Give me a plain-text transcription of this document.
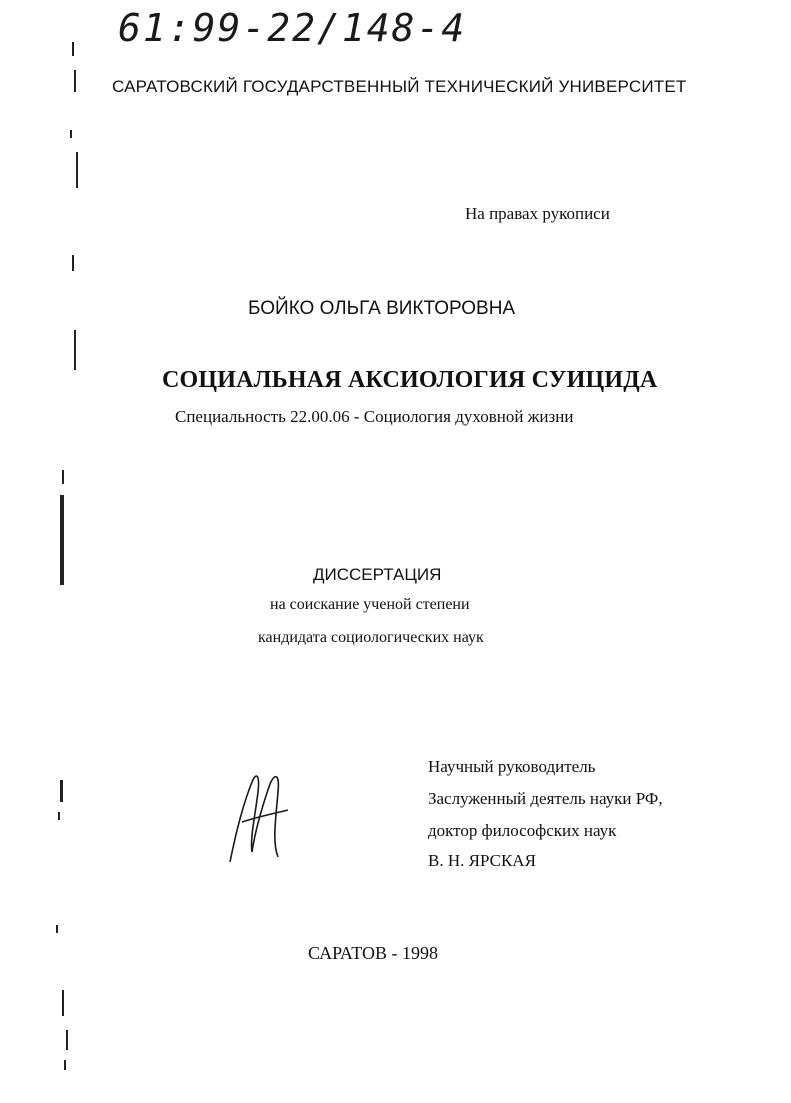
61:99-22/148-4
САРАТОВСКИЙ ГОСУДАРСТВЕННЫЙ ТЕХНИЧЕСКИЙ УНИВЕРСИТЕТ
На правах рукописи
БОЙКО ОЛЬГА ВИКТОРОВНА
СОЦИАЛЬНАЯ АКСИОЛОГИЯ СУИЦИДА
Специальность 22.00.06 - Социология духовной жизни
ДИССЕРТАЦИЯ
на соискание ученой степени
кандидата социологических наук
Научный руководитель
Заслуженный деятель науки РФ,
доктор философских наук
В. Н. ЯРСКАЯ
САРАТОВ - 1998
